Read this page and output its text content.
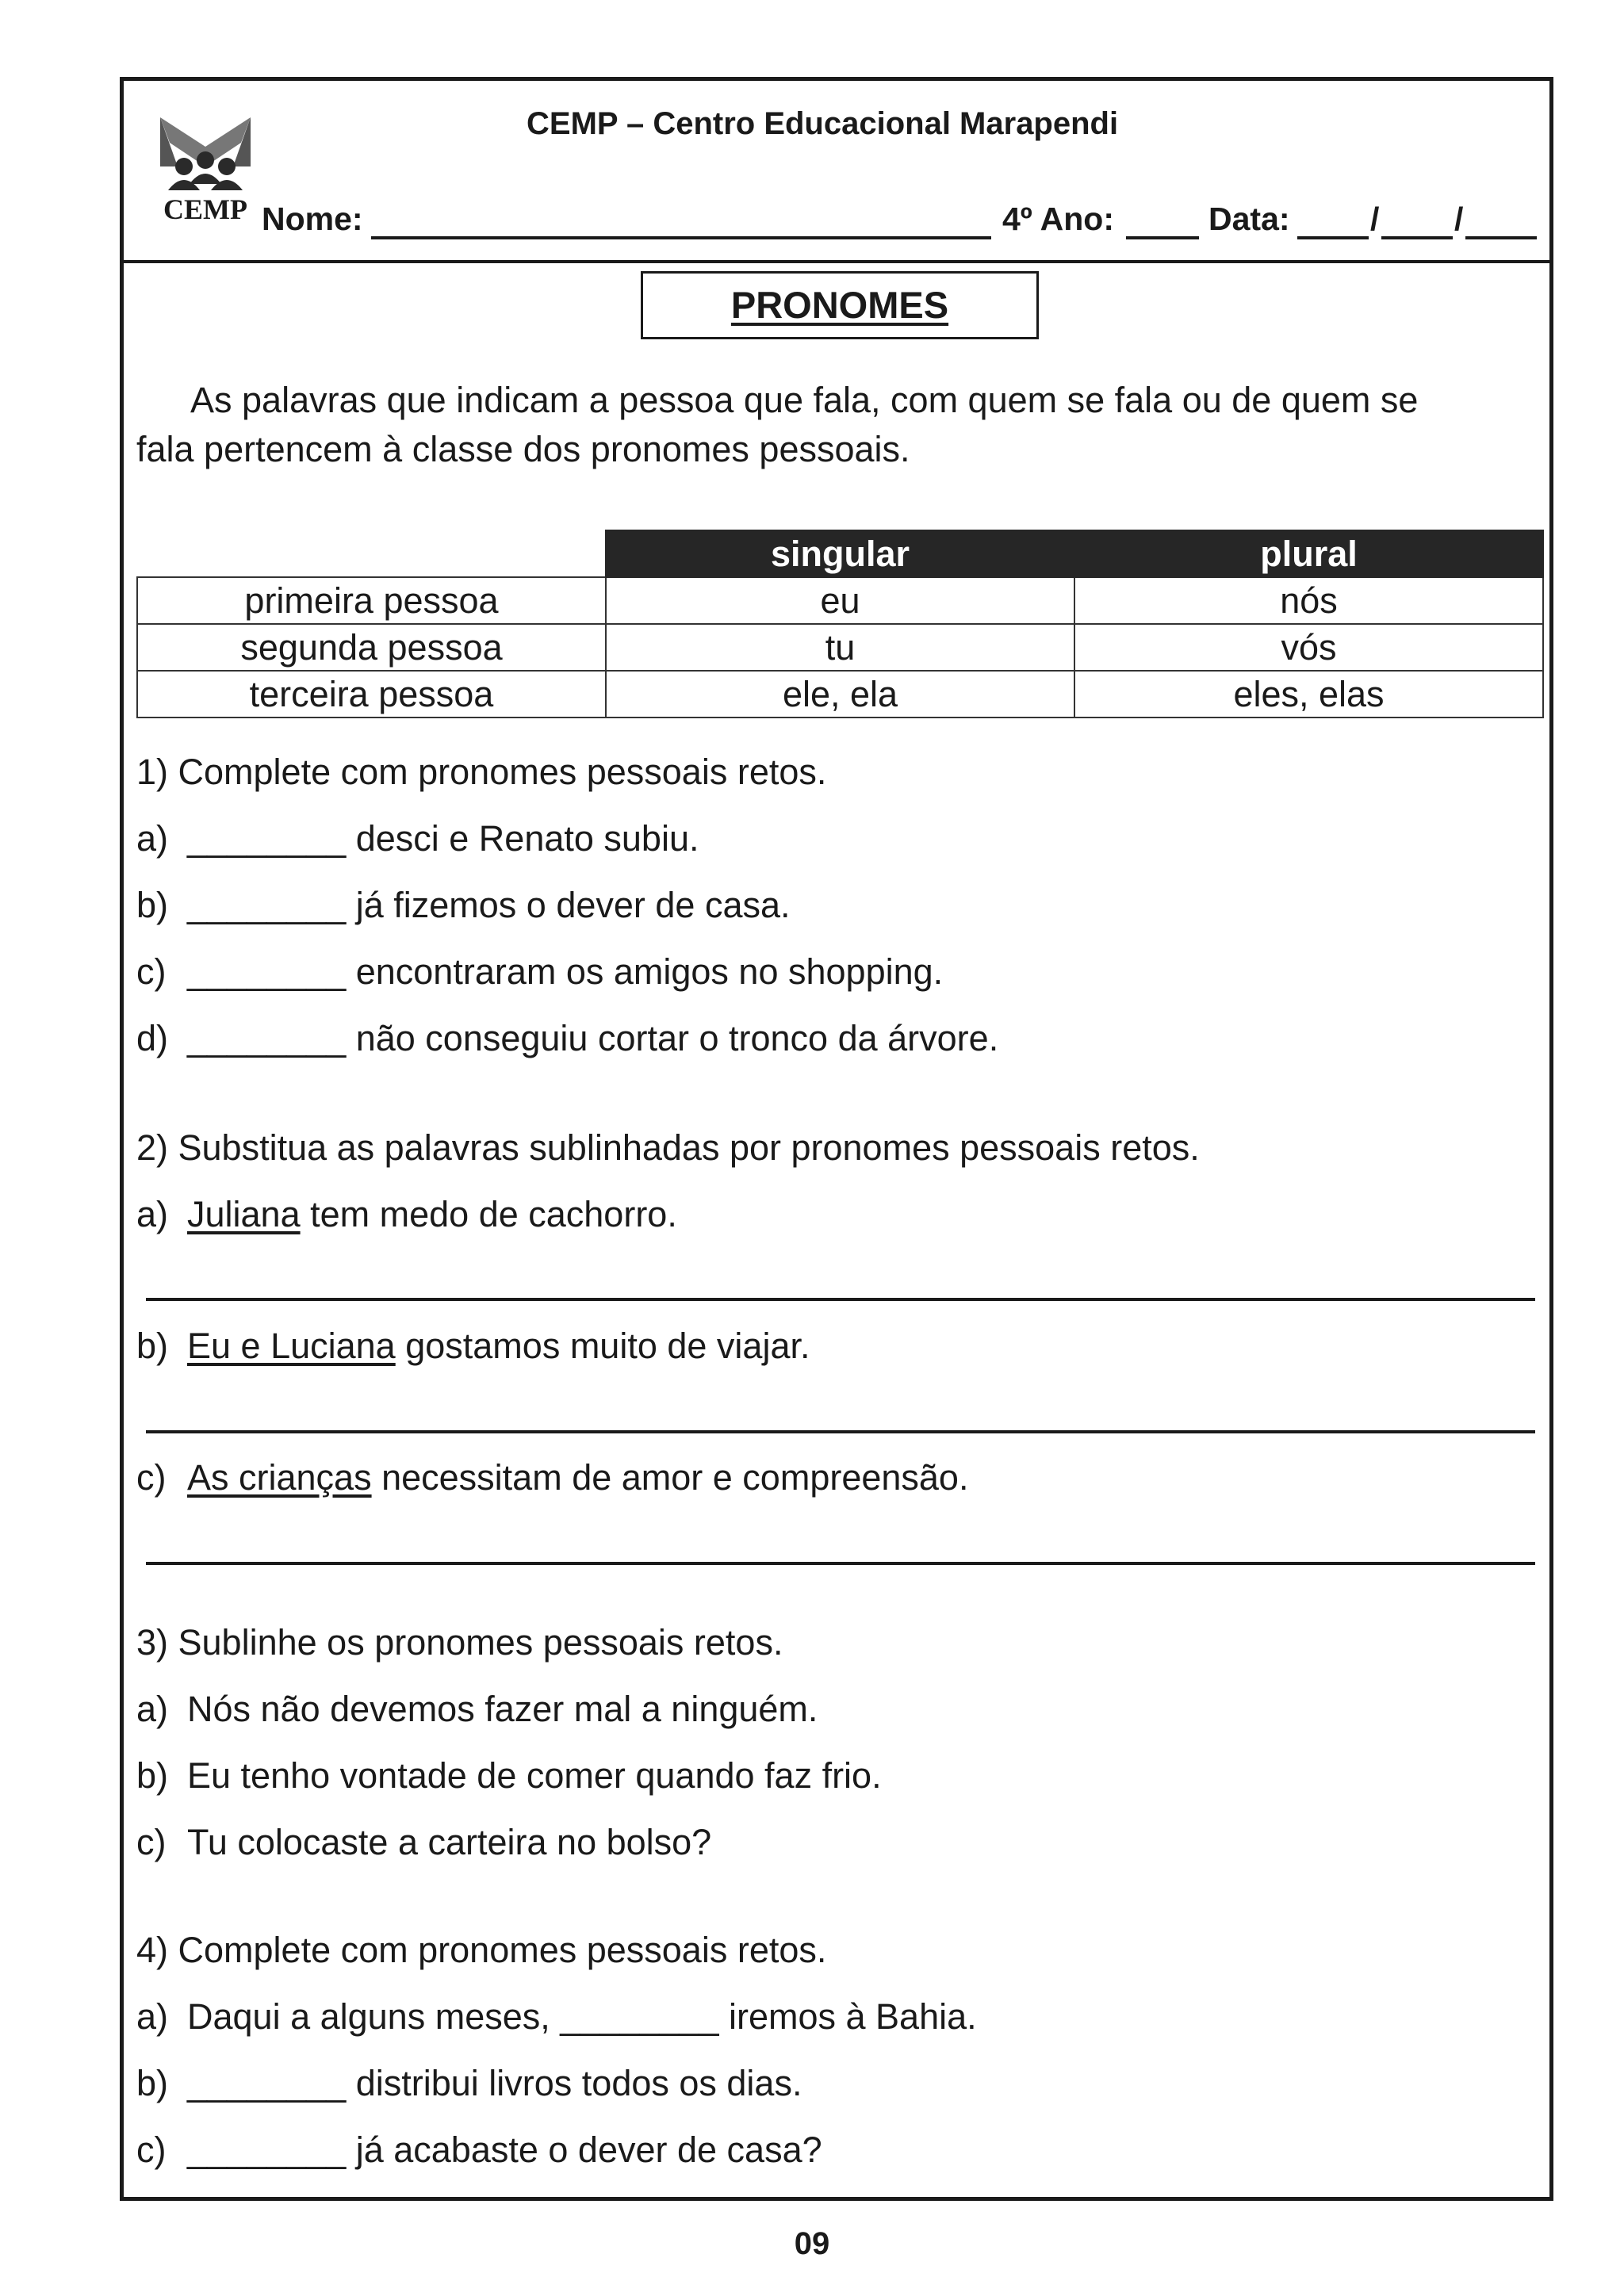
CEMP
CEMP – Centro Educacional Marapendi
Nome:	4º Ano:	Data: / /
PRONOMES
As palavras que indicam a pessoa que fala, com quem se fala ou de quem se
fala pertencem à classe dos pronomes pessoais.
	singular	plural
primeira pessoa	eu	nós
segunda pessoa	tu	vós
terceira pessoa	ele, ela	eles, elas
1) Complete com pronomes pessoais retos.
a) ________ desci e Renato subiu.
b) ________ já fizemos o dever de casa.
c) ________ encontraram os amigos no shopping.
d) ________ não conseguiu cortar o tronco da árvore.
2) Substitua as palavras sublinhadas por pronomes pessoais retos.
a) Juliana tem medo de cachorro.
b) Eu e Luciana gostamos muito de viajar.
c) As crianças necessitam de amor e compreensão.
3) Sublinhe os pronomes pessoais retos.
a) Nós não devemos fazer mal a ninguém.
b) Eu tenho vontade de comer quando faz frio.
c) Tu colocaste a carteira no bolso?
4) Complete com pronomes pessoais retos.
a) Daqui a alguns meses, ________ iremos à Bahia.
b) ________ distribui livros todos os dias.
c) ________ já acabaste o dever de casa?
09
